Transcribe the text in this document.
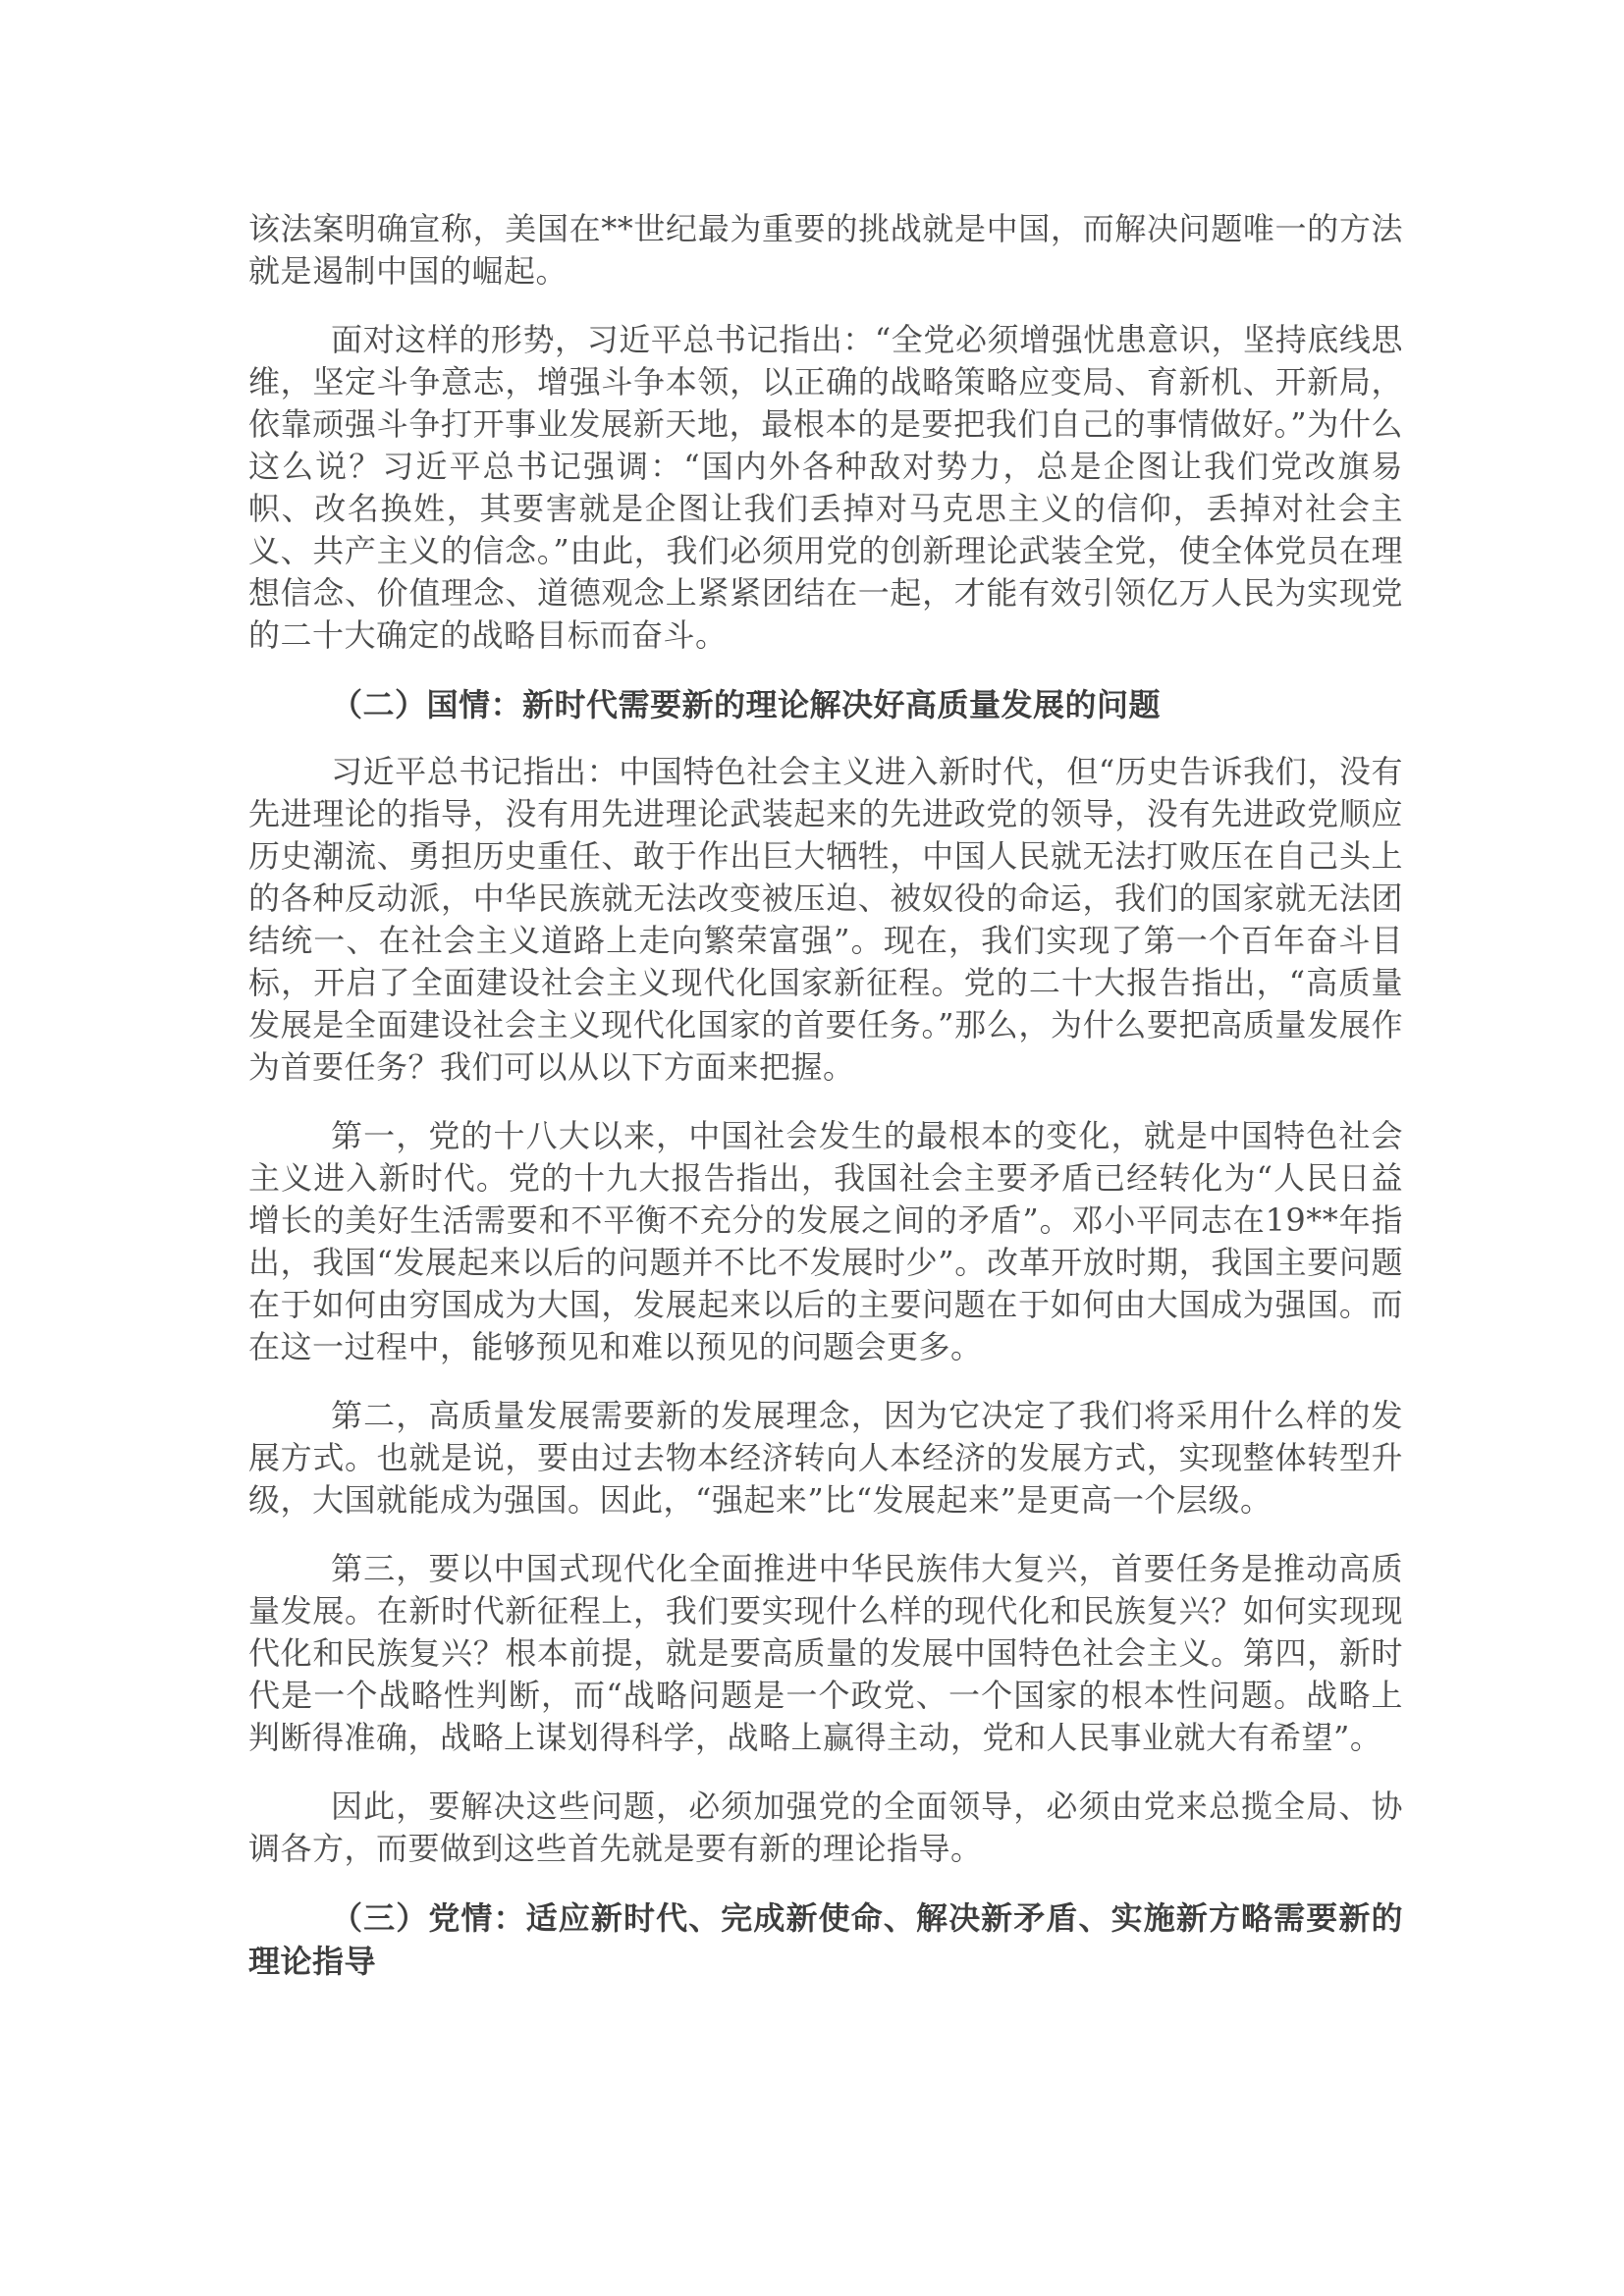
该法案明确宣称，美国在**世纪最为重要的挑战就是中国，而解决问题唯一的方法就是遏制中国的崛起。

面对这样的形势，习近平总书记指出：“全党必须增强忧患意识，坚持底线思维，坚定斗争意志，增强斗争本领，以正确的战略策略应变局、育新机、开新局，依靠顽强斗争打开事业发展新天地，最根本的是要把我们自己的事情做好。”为什么这么说？习近平总书记强调：“国内外各种敌对势力，总是企图让我们党改旗易帜、改名换姓，其要害就是企图让我们丢掉对马克思主义的信仰，丢掉对社会主义、共产主义的信念。”由此，我们必须用党的创新理论武装全党，使全体党员在理想信念、价值理念、道德观念上紧紧团结在一起，才能有效引领亿万人民为实现党的二十大确定的战略目标而奋斗。

（二）国情：新时代需要新的理论解决好高质量发展的问题

习近平总书记指出：中国特色社会主义进入新时代，但“历史告诉我们，没有先进理论的指导，没有用先进理论武装起来的先进政党的领导，没有先进政党顺应历史潮流、勇担历史重任、敢于作出巨大牺牲，中国人民就无法打败压在自己头上的各种反动派，中华民族就无法改变被压迫、被奴役的命运，我们的国家就无法团结统一、在社会主义道路上走向繁荣富强”。现在，我们实现了第一个百年奋斗目标，开启了全面建设社会主义现代化国家新征程。党的二十大报告指出，“高质量发展是全面建设社会主义现代化国家的首要任务。”那么，为什么要把高质量发展作为首要任务？我们可以从以下方面来把握。

第一，党的十八大以来，中国社会发生的最根本的变化，就是中国特色社会主义进入新时代。党的十九大报告指出，我国社会主要矛盾已经转化为“人民日益增长的美好生活需要和不平衡不充分的发展之间的矛盾”。邓小平同志在19**年指出，我国“发展起来以后的问题并不比不发展时少”。改革开放时期，我国主要问题在于如何由穷国成为大国，发展起来以后的主要问题在于如何由大国成为强国。而在这一过程中，能够预见和难以预见的问题会更多。

第二，高质量发展需要新的发展理念，因为它决定了我们将采用什么样的发展方式。也就是说，要由过去物本经济转向人本经济的发展方式，实现整体转型升级，大国就能成为强国。因此，“强起来”比“发展起来”是更高一个层级。

第三，要以中国式现代化全面推进中华民族伟大复兴，首要任务是推动高质量发展。在新时代新征程上，我们要实现什么样的现代化和民族复兴？如何实现现代化和民族复兴？根本前提，就是要高质量的发展中国特色社会主义。第四，新时代是一个战略性判断，而“战略问题是一个政党、一个国家的根本性问题。战略上判断得准确，战略上谋划得科学，战略上赢得主动，党和人民事业就大有希望”。

因此，要解决这些问题，必须加强党的全面领导，必须由党来总揽全局、协调各方，而要做到这些首先就是要有新的理论指导。

（三）党情：适应新时代、完成新使命、解决新矛盾、实施新方略需要新的理论指导
